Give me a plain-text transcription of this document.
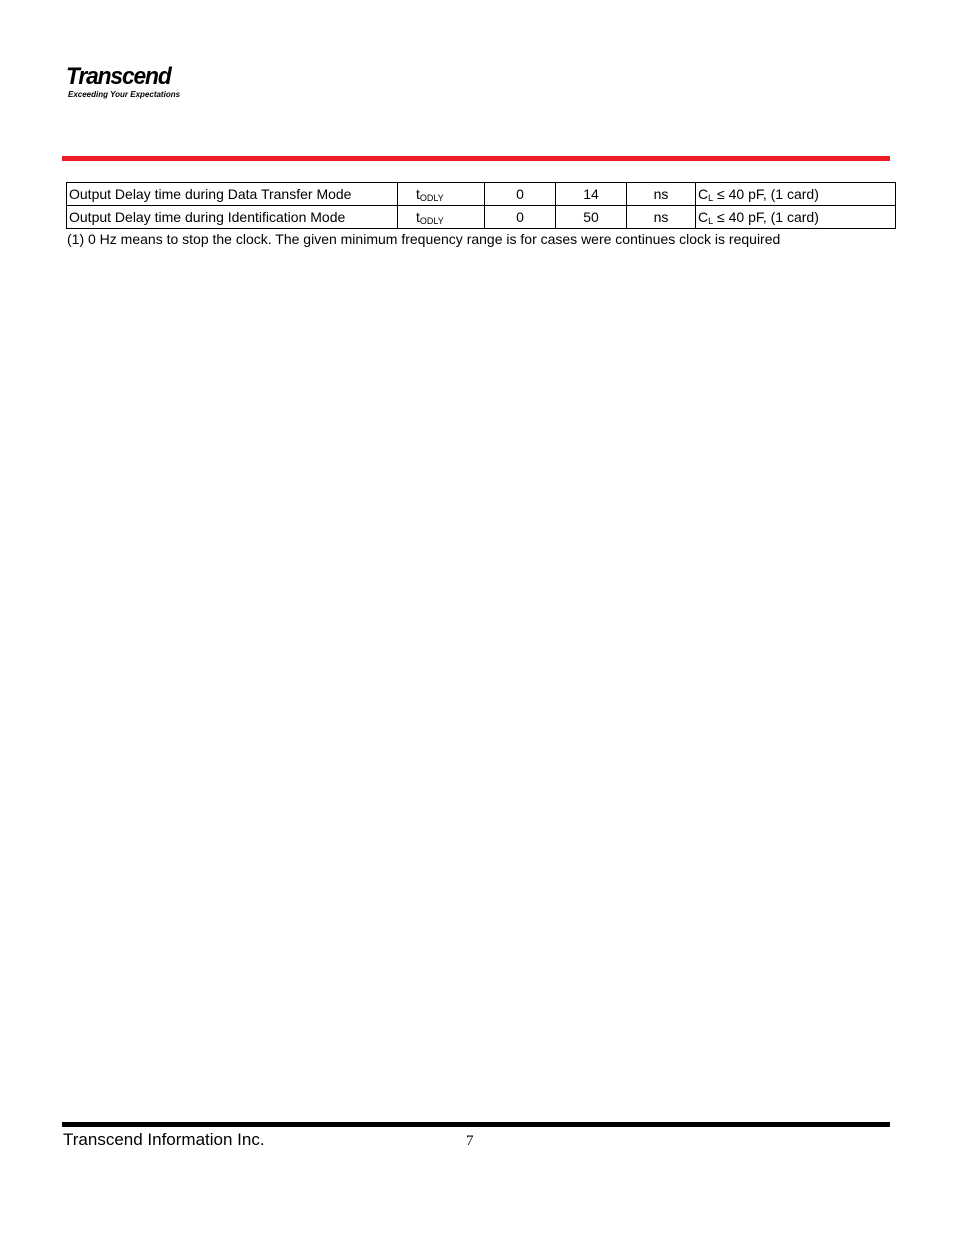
Transcend
Exceeding Your Expectations
Output Delay time during Data Transfer Mode	$t_{ODLY}$	0	14	ns	$C_L \le 40$ pF, (1 card)
Output Delay time during Identification Mode	$t_{ODLY}$	0	50	ns	$C_L \le 40$ pF, (1 card)
(1) 0 Hz means to stop the clock. The given minimum frequency range is for cases were continues clock is required
Transcend Information Inc.	7
